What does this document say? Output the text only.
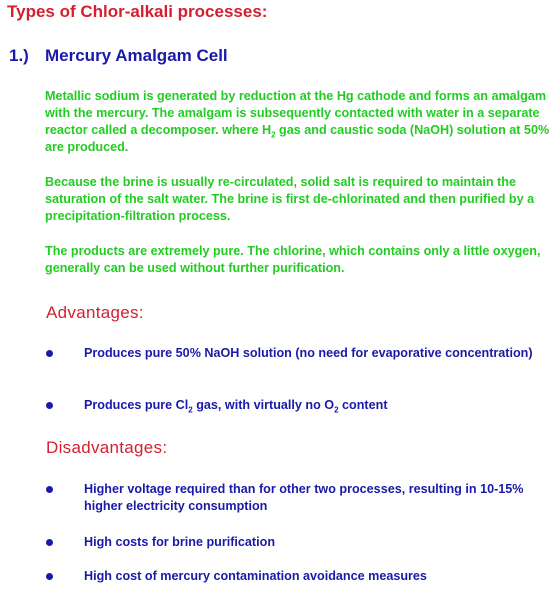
Types of Chlor-alkali processes:
1.) Mercury Amalgam Cell

Metallic sodium is generated by reduction at the Hg cathode and forms an amalgam with the mercury. The amalgam is subsequently contacted with water in a separate reactor called a decomposer. where $H_2$ gas and caustic soda (NaOH) solution at 50% are produced.

Because the brine is usually re-circulated, solid salt is required to maintain the saturation of the salt water. The brine is first de-chlorinated and then purified by a precipitation-filtration process.

The products are extremely pure. The chlorine, which contains only a little oxygen, generally can be used without further purification.

Advantages:
Produces pure 50% NaOH solution (no need for evaporative concentration)
Produces pure $Cl_2$ gas, with virtually no $O_2$ content
Disadvantages:
Higher voltage required than for other two processes, resulting in 10-15% higher electricity consumption
High costs for brine purification
High cost of mercury contamination avoidance measures
